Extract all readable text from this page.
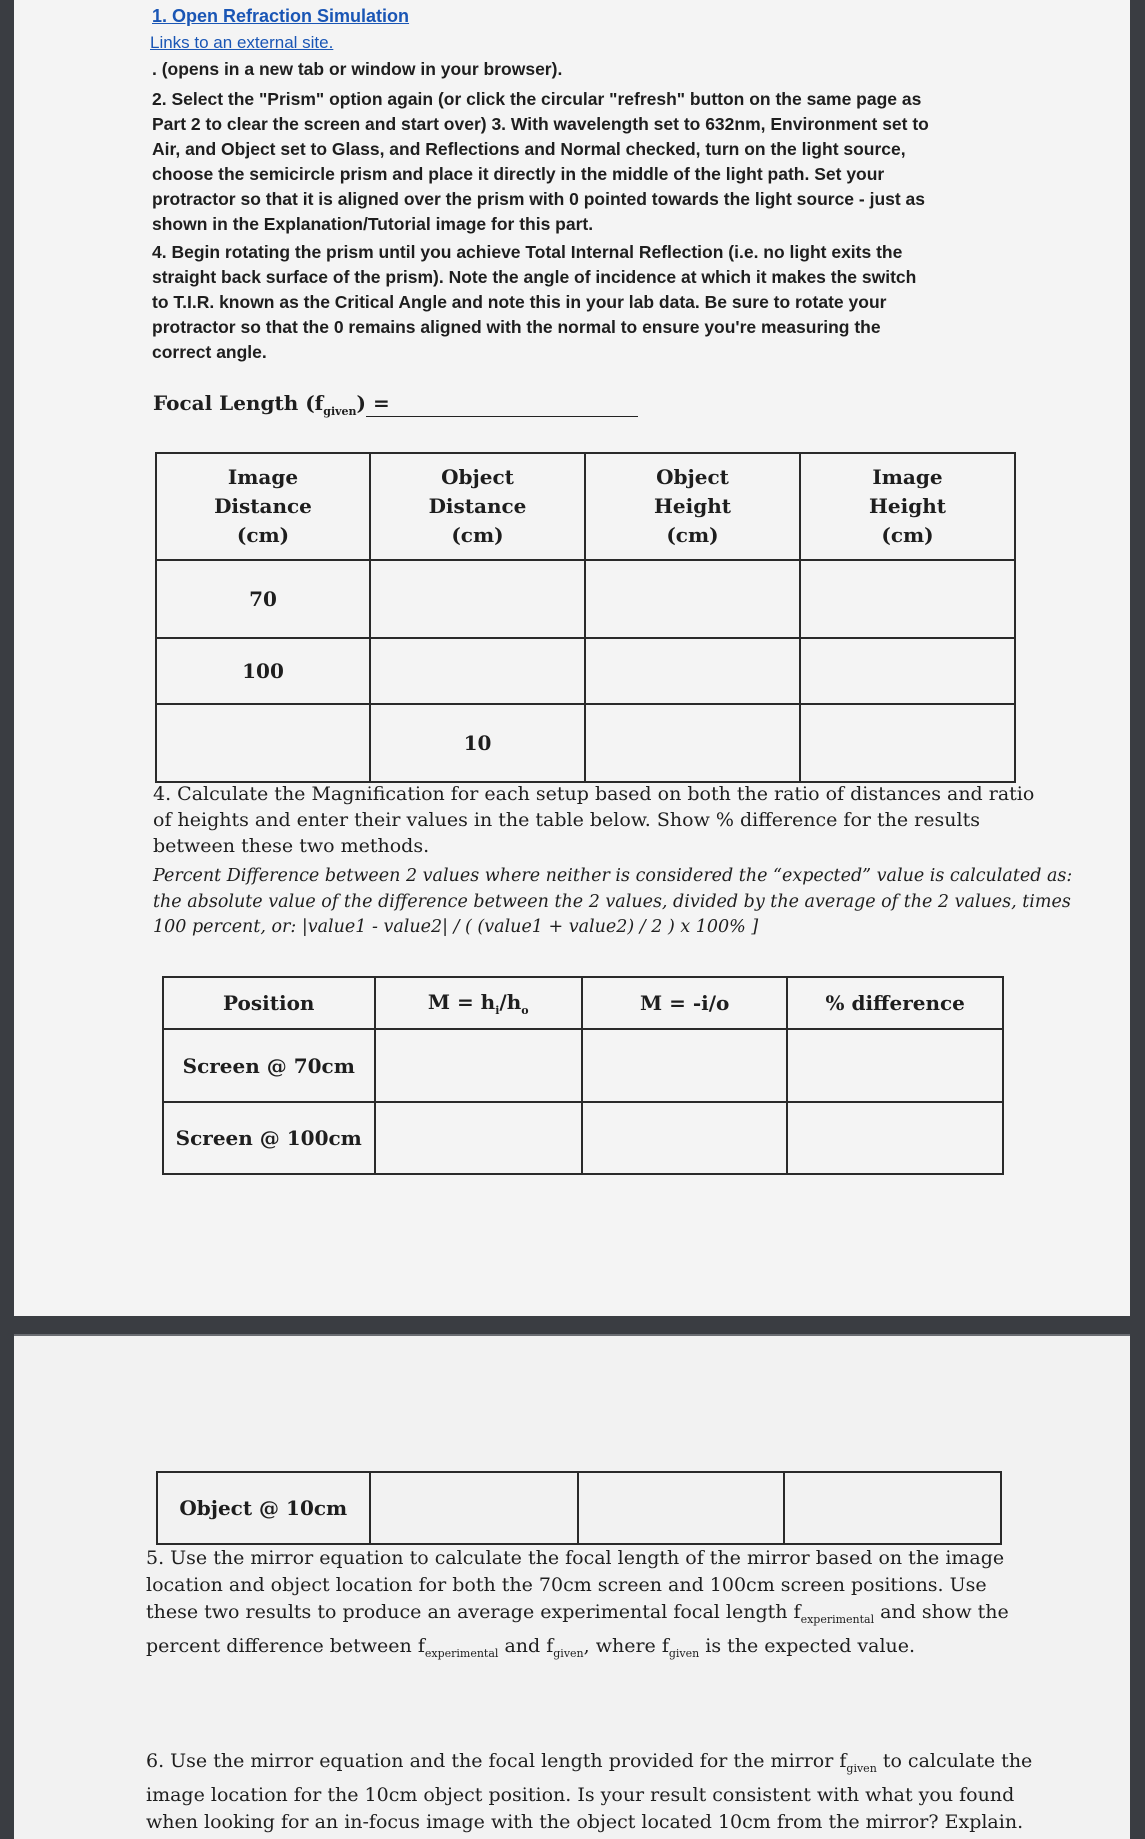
1. Open Refraction Simulation
Links to an external site.
. (opens in a new tab or window in your browser).
2. Select the "Prism" option again (or click the circular "refresh" button on the same page as
Part 2 to clear the screen and start over) 3. With wavelength set to 632nm, Environment set to
Air, and Object set to Glass, and Reflections and Normal checked, turn on the light source,
choose the semicircle prism and place it directly in the middle of the light path. Set your
protractor so that it is aligned over the prism with 0 pointed towards the light source - just as
shown in the Explanation/Tutorial image for this part.
4. Begin rotating the prism until you achieve Total Internal Reflection (i.e. no light exits the
straight back surface of the prism). Note the angle of incidence at which it makes the switch
to T.I.R. known as the Critical Angle and note this in your lab data. Be sure to rotate your
protractor so that the 0 remains aligned with the normal to ensure you're measuring the
correct angle.
Focal Length $(f_{given})$ =
Image
Distance
(cm)	Object
Distance
(cm)	Object
Height
(cm)	Image
Height
(cm)

70			
100			
	10		
4. Calculate the Magnification for each setup based on both the ratio of distances and ratio
of heights and enter their values in the table below. Show % difference for the results
between these two methods.
Percent Difference between 2 values where neither is considered the “expected” value is calculated as:
the absolute value of the difference between the 2 values, divided by the average of the 2 values, times
100 percent, or: |value1 - value2| / ( (value1 + value2) / 2 ) x 100% ]
Position	$M = h_i/h_o$	M = -i/o	% difference
Screen @ 70cm			
Screen @ 100cm			
Object @ 10cm			
5. Use the mirror equation to calculate the focal length of the mirror based on the image
location and object location for both the 70cm screen and 100cm screen positions. Use
these two results to produce an average experimental focal length $f_{experimental}$ and show the
percent difference between $f_{experimental}$ and $f_{given}$, where $f_{given}$ is the expected value.
6. Use the mirror equation and the focal length provided for the mirror $f_{given}$ to calculate the
image location for the 10cm object position. Is your result consistent with what you found
when looking for an in-focus image with the object located 10cm from the mirror? Explain.
